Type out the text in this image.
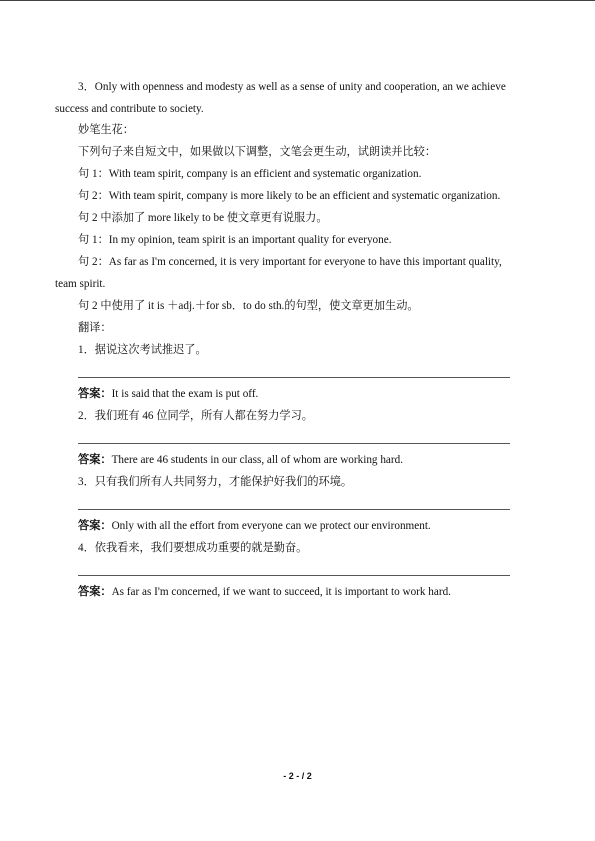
3．Only with openness and modesty as well as a sense of unity and cooperation, an we achieve
success and contribute to society.
妙笔生花：
下列句子来自短文中，如果做以下调整，文笔会更生动，试朗读并比较：
句 1：With team spirit, company is an efficient and systematic organization.
句 2：With team spirit, company is more likely to be an efficient and systematic organization.
句 2 中添加了 more likely to be 使文章更有说服力。
句 1：In my opinion, team spirit is an important quality for everyone.
句 2：As far as I'm concerned, it is very important for everyone to have this important quality,
team spirit.
句 2 中使用了 it is ＋adj.＋for sb．to do sth.的句型，使文章更加生动。
翻译：
1．据说这次考试推迟了。
答案：It is said that the exam is put off.
2．我们班有 46 位同学，所有人都在努力学习。
答案：There are 46 students in our class, all of whom are working hard.
3．只有我们所有人共同努力，才能保护好我们的环境。
答案：Only with all the effort from everyone can we protect our environment.
4．依我看来，我们要想成功重要的就是勤奋。
答案：As far as I'm concerned, if we want to succeed, it is important to work hard.
- 2 - / 2
